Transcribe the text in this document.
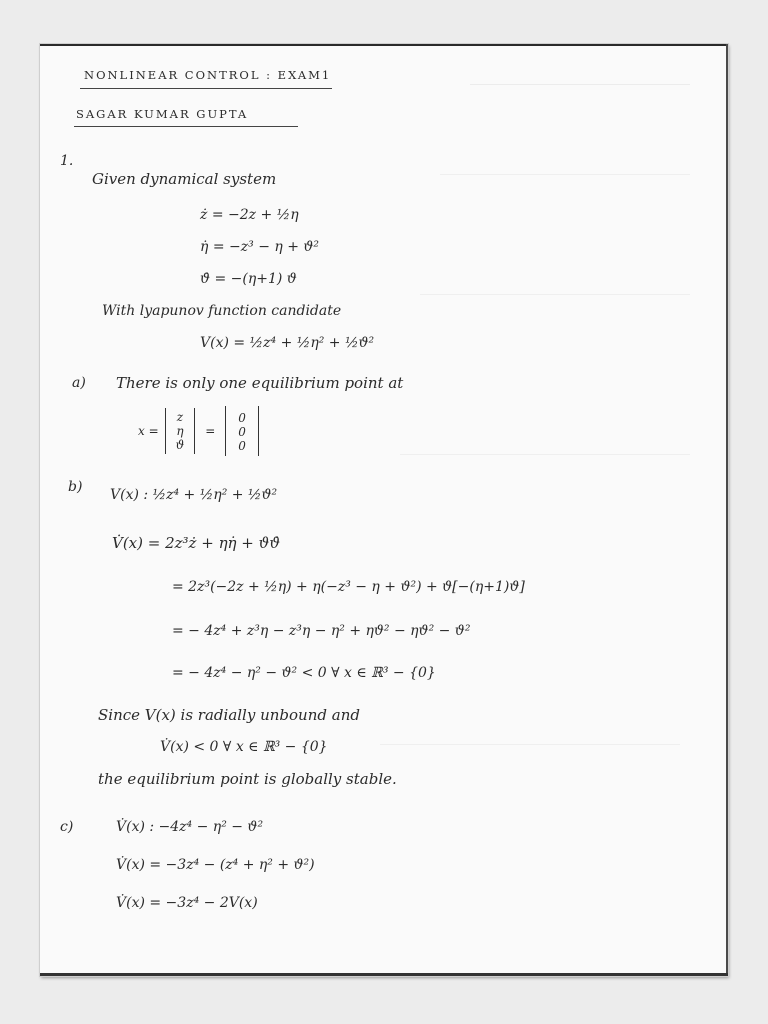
NONLINEAR CONTROL : EXAM1
SAGAR KUMAR GUPTA
1.
Given dynamical system
ż = −2z + ½η
η̇ = −z³ − η + ϑ²
ϑ̇ = −(η+1) ϑ
With lyapunov function candidate
V(x) = ½z⁴ + ½η² + ½ϑ²
a) There is only one equilibrium point at
x =
z
η
ϑ
=
0
0
0
b) V(x) : ½z⁴ + ½η² + ½ϑ²
V̇(x) = 2z³ż + ηη̇ + ϑϑ̇
= 2z³(−2z + ½η) + η(−z³ − η + ϑ²) + ϑ[−(η+1)ϑ]
= − 4z⁴ + z³η − z³η − η² + ηϑ² − ηϑ² − ϑ²
= − 4z⁴ − η² − ϑ² < 0 ∀ x ∈ ℝ³ − {0}
Since V(x) is radially unbound and
V̇(x) < 0 ∀ x ∈ ℝ³ − {0}
the equilibrium point is globally stable.
c)	V̇(x) : −4z⁴ − η² − ϑ²
V̇(x) = −3z⁴ − (z⁴ + η² + ϑ²)
V̇(x) = −3z⁴ − 2V(x)
